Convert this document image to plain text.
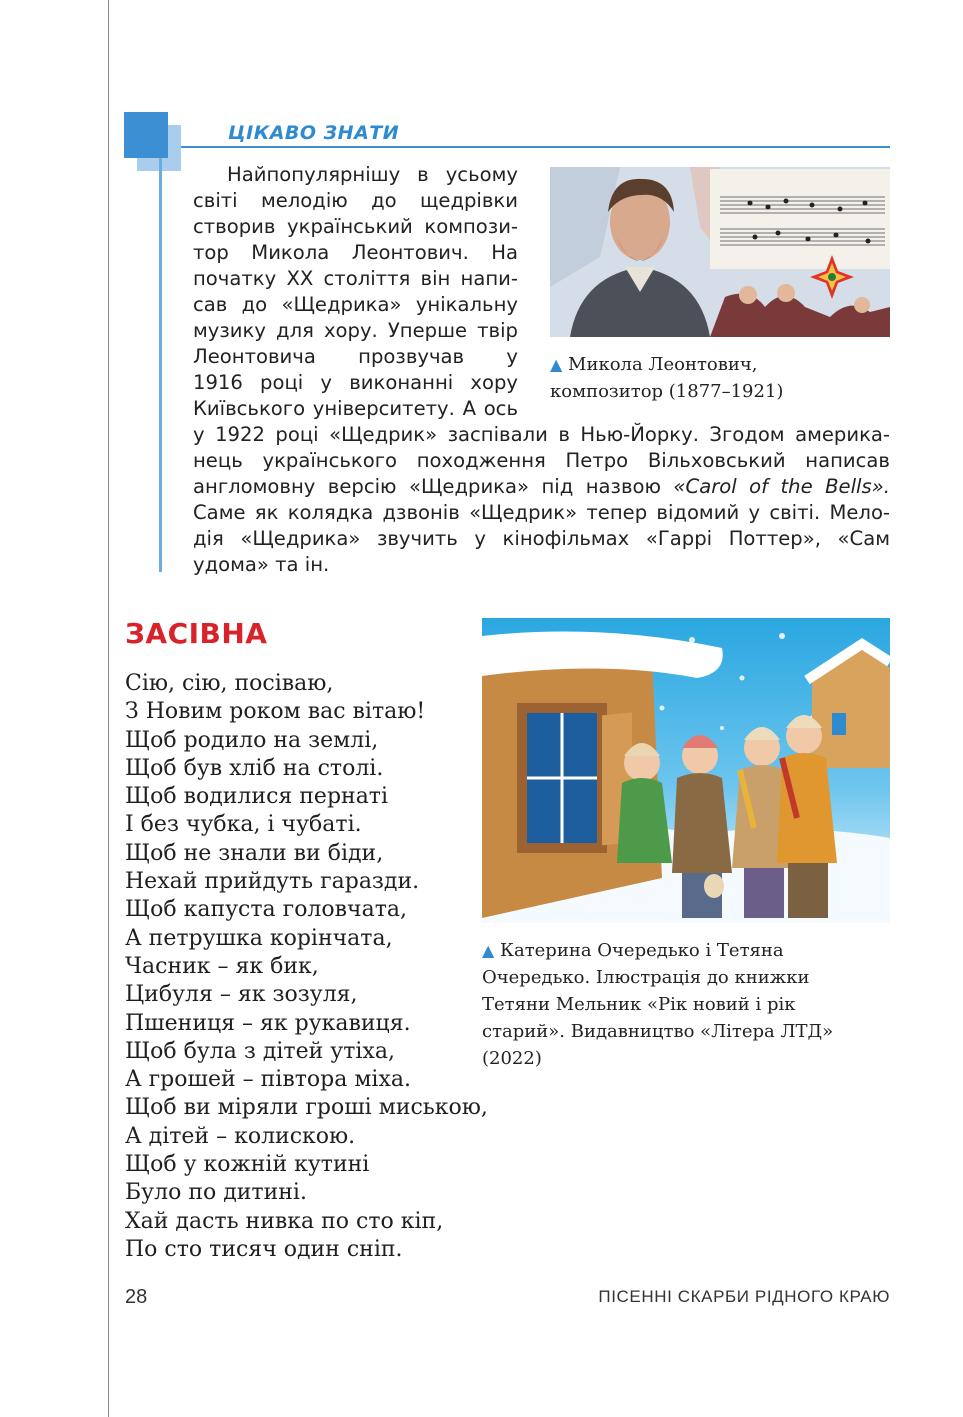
ЦІКАВО ЗНАТИ
Найпопулярнішу в усьому
світі мелодію до щедрівки
створив український компози-
тор Микола Леонтович. На
початку XX століття він напи-
сав до «Щедрика» унікальну
музику для хору. Уперше твір
Леонтовича прозвучав у
1916 році у виконанні хору
Київського університету. А ось
у 1922 році «Щедрик» заспівали в Нью-Йорку. Згодом америка-
нець українського походження Петро Вільховський написав
англомовну версію «Щедрика» під назвою «Carol of the Bells».
Саме як колядка дзвонів «Щедрик» тепер відомий у світі. Мело-
дія «Щедрика» звучить у кінофільмах «Гаррі Поттер», «Сам
удома» та ін.
▲ Микола Леонтович,
композитор (1877–1921)
ЗАСІВНА
Сію, сію, посіваю,
З Новим роком вас вітаю!
Щоб родило на землі,
Щоб був хліб на столі.
Щоб водилися пернаті
І без чубка, і чубаті.
Щоб не знали ви біди,
Нехай прийдуть гаразди.
Щоб капуста головчата,
А петрушка корінчата,
Часник – як бик,
Цибуля – як зозуля,
Пшениця – як рукавиця.
Щоб була з дітей утіха,
А грошей – півтора міха.
Щоб ви міряли гроші миською,
А дітей – колискою.
Щоб у кожній кутині
Було по дитині.
Хай дасть нивка по сто кіп,
По сто тисяч один сніп.
▲ Катерина Очередько і Тетяна
Очередько. Ілюстрація до книжки
Тетяни Мельник «Рік новий і рік
старий». Видавництво «Літера ЛТД»
(2022)
28	ПІСЕННІ СКАРБИ РІДНОГО КРАЮ
